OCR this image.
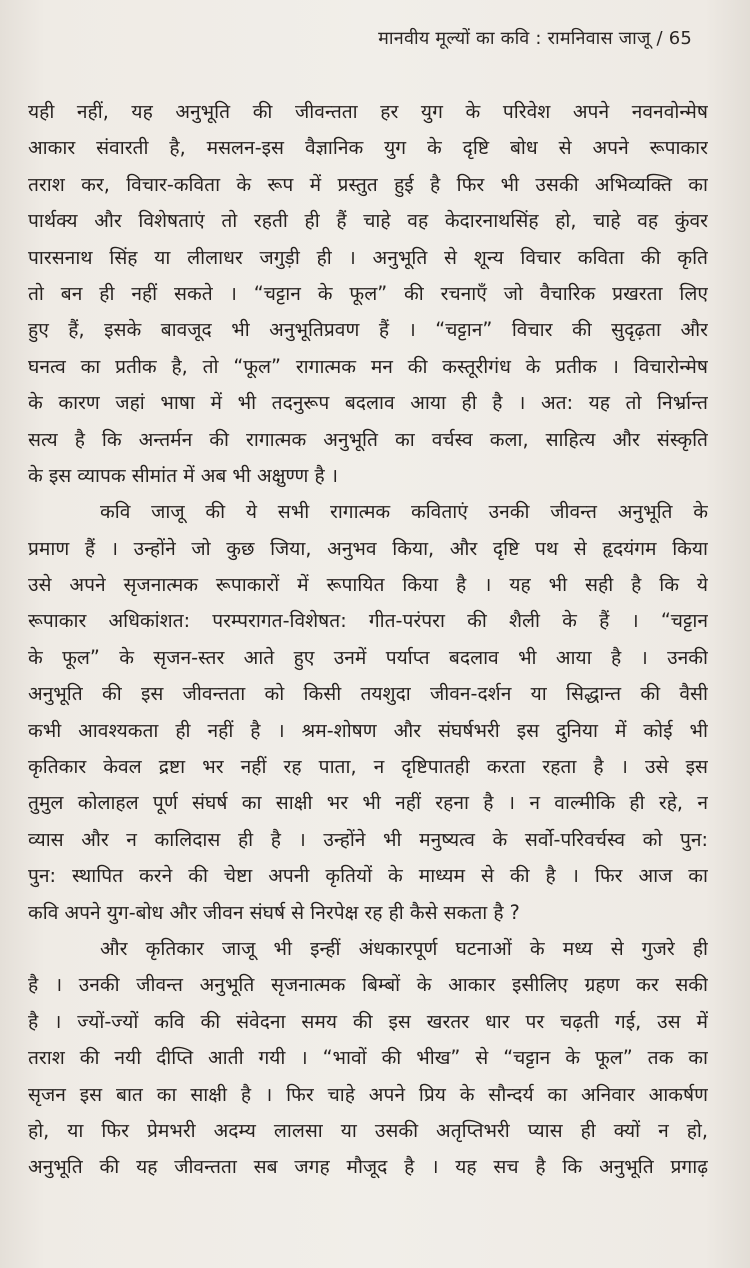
मानवीय मूल्यों का कवि : रामनिवास जाजू / 65
यही नहीं, यह अनुभूति की जीवन्तता हर युग के परिवेश अपने नवनवोन्मेष
आकार संवारती है, मसलन-इस वैज्ञानिक युग के दृष्टि बोध से अपने रूपाकार
तराश कर, विचार-कविता के रूप में प्रस्तुत हुई है फिर भी उसकी अभिव्यक्ति का
पार्थक्य और विशेषताएं तो रहती ही हैं चाहे वह केदारनाथसिंह हो, चाहे वह कुंवर
पारसनाथ सिंह या लीलाधर जगुड़ी ही । अनुभूति से शून्य विचार कविता की कृति
तो बन ही नहीं सकते । “चट्टान के फूल” की रचनाएँ जो वैचारिक प्रखरता लिए
हुए हैं, इसके बावजूद भी अनुभूतिप्रवण हैं । “चट्टान” विचार की सुदृढ़ता और
घनत्व का प्रतीक है, तो “फूल” रागात्मक मन की कस्तूरीगंध के प्रतीक । विचारोन्मेष
के कारण जहां भाषा में भी तदनुरूप बदलाव आया ही है । अत: यह तो निर्भ्रान्त
सत्य है कि अन्तर्मन की रागात्मक अनुभूति का वर्चस्व कला, साहित्य और संस्कृति
के इस व्यापक सीमांत में अब भी अक्षुण्ण है ।
कवि जाजू की ये सभी रागात्मक कविताएं उनकी जीवन्त अनुभूति के
प्रमाण हैं । उन्होंने जो कुछ जिया, अनुभव किया, और दृष्टि पथ से हृदयंगम किया
उसे अपने सृजनात्मक रूपाकारों में रूपायित किया है । यह भी सही है कि ये
रूपाकार अधिकांशत: परम्परागत-विशेषत: गीत-परंपरा की शैली के हैं । “चट्टान
के फूल” के सृजन-स्तर आते हुए उनमें पर्याप्त बदलाव भी आया है । उनकी
अनुभूति की इस जीवन्तता को किसी तयशुदा जीवन-दर्शन या सिद्धान्त की वैसी
कभी आवश्यकता ही नहीं है । श्रम-शोषण और संघर्षभरी इस दुनिया में कोई भी
कृतिकार केवल द्रष्टा भर नहीं रह पाता, न दृष्टिपातही करता रहता है । उसे इस
तुमुल कोलाहल पूर्ण संघर्ष का साक्षी भर भी नहीं रहना है । न वाल्मीकि ही रहे, न
व्यास और न कालिदास ही है । उन्होंने भी मनुष्यत्व के सर्वो-परिवर्चस्व को पुन:
पुन: स्थापित करने की चेष्टा अपनी कृतियों के माध्यम से की है । फिर आज का
कवि अपने युग-बोध और जीवन संघर्ष से निरपेक्ष रह ही कैसे सकता है ?
और कृतिकार जाजू भी इन्हीं अंधकारपूर्ण घटनाओं के मध्य से गुजरे ही
है । उनकी जीवन्त अनुभूति सृजनात्मक बिम्बों के आकार इसीलिए ग्रहण कर सकी
है । ज्यों-ज्यों कवि की संवेदना समय की इस खरतर धार पर चढ़ती गई, उस में
तराश की नयी दीप्ति आती गयी । “भावों की भीख” से “चट्टान के फूल” तक का
सृजन इस बात का साक्षी है । फिर चाहे अपने प्रिय के सौन्दर्य का अनिवार आकर्षण
हो, या फिर प्रेमभरी अदम्य लालसा या उसकी अतृप्तिभरी प्यास ही क्यों न हो,
अनुभूति की यह जीवन्तता सब जगह मौजूद है । यह सच है कि अनुभूति प्रगाढ़
